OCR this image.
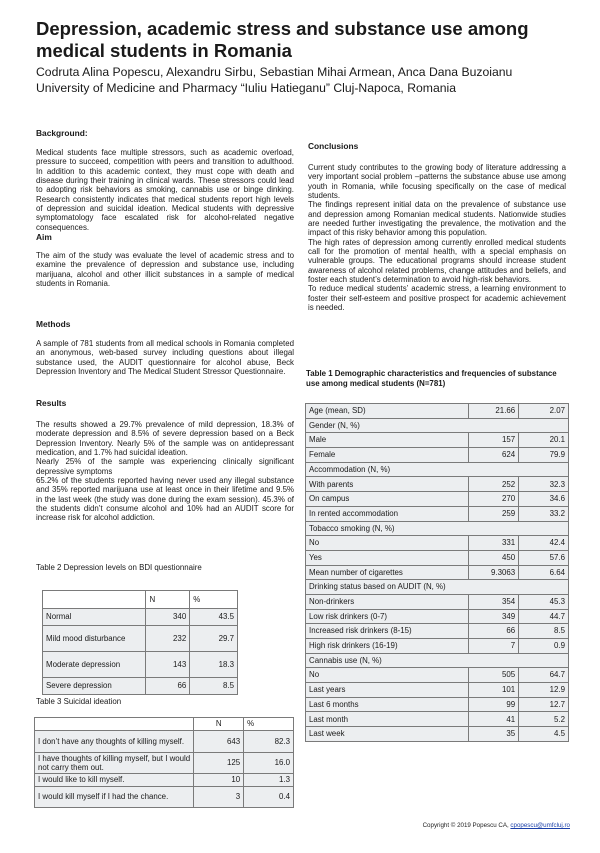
Depression, academic stress and substance use among medical students in Romania
Codruta Alina Popescu, Alexandru Sirbu, Sebastian Mihai Armean, Anca Dana Buzoianu
University of Medicine and Pharmacy “Iuliu Hatieganu” Cluj-Napoca, Romania

Background:

Medical students face multiple stressors, such as academic overload, pressure to succeed, competition with peers and transition to adulthood. In addition to this academic context, they must cope with death and disease during their training in clinical wards. These stressors could lead to adopting risk behaviors as smoking, cannabis use or binge dinking. Research consistently indicates that medical students report high levels of depression and suicidal ideation. Medical students with depressive symptomatology face escalated risk for alcohol-related negative consequences.

Aim

The aim of the study was evaluate the level of academic stress and to examine the prevalence of depression and substance use, including marijuana, alcohol and other illicit substances in a sample of medical students in Romania.

Methods

A sample of 781 students from all medical schools in Romania completed an anonymous, web-based survey including questions about illegal substance used, the AUDIT questionnaire for alcohol abuse, Beck Depression Inventory and The Medical Student Stressor Questionnaire.

Results

The results showed a 29.7% prevalence of mild depression, 18.3% of moderate depression and 8.5% of severe depression based on a Beck Depression Inventory. Nearly 5% of the sample was on antidepressant medication, and 1.7% had suicidal ideation.

Nearly 25% of the sample was experiencing clinically significant depressive symptoms

65.2% of the students reported having never used any illegal substance and 35% reported marijuana use at least once in their lifetime and 9.5% in the last week (the study was done during the exam session). 45.3% of the students didn’t consume alcohol and 10% had an AUDIT score for increase risk for alcohol addiction.

Table 2 Depression levels on BDI questionnaire

	N	%
Normal	340	43.5
Mild mood disturbance	232	29.7
Moderate depression	143	18.3
Severe depression	66	8.5

Table 3 Suicidal ideation

	N	%
I don’t have any thoughts of killing myself.	643	82.3
I have thoughts of killing myself, but I would not carry them out.	125	16.0
I would like to kill myself.	10	1.3
I would kill myself if I had the chance.	3	0.4

Conclusions

Current study contributes to the growing body of literature addressing a very important social problem –patterns the substance abuse use among youth in Romania, while focusing specifically on the case of medical students.

The findings represent initial data on the prevalence of substance use and depression among Romanian medical students. Nationwide studies are needed further investigating the prevalence, the motivation and the impact of this risky behavior among this population.

The high rates of depression among currently enrolled medical students call for the promotion of mental health, with a special emphasis on vulnerable groups. The educational programs should increase student awareness of alcohol related problems, change attitudes and beliefs, and foster each student’s determination to avoid high-risk behaviors.

To reduce medical students’ academic stress, a learning environment to foster their self-esteem and positive prospect for academic achievement is needed.

Table 1 Demographic characteristics and frequencies of substance use among medical students (N=781)

Age (mean, SD)	21.66	2.07
Gender (N, %)		
Male	157	20.1
Female	624	79.9
Accommodation (N, %)		
With parents	252	32.3
On campus	270	34.6
In rented accommodation	259	33.2
Tobacco smoking (N, %)		
No	331	42.4
Yes	450	57.6
Mean number of cigarettes	9.3063	6.64
Drinking status based on AUDIT (N, %)		
Non-drinkers	354	45.3
Low risk drinkers (0-7)	349	44.7
Increased risk drinkers (8-15)	66	8.5
High risk drinkers (16-19)	7	0.9
Cannabis use (N, %)		
No	505	64.7
Last years	101	12.9
Last 6 months	99	12.7
Last month	41	5.2
Last week	35	4.5
Copyright © 2019 Popescu CA, cpopescu@umfcluj.ro
